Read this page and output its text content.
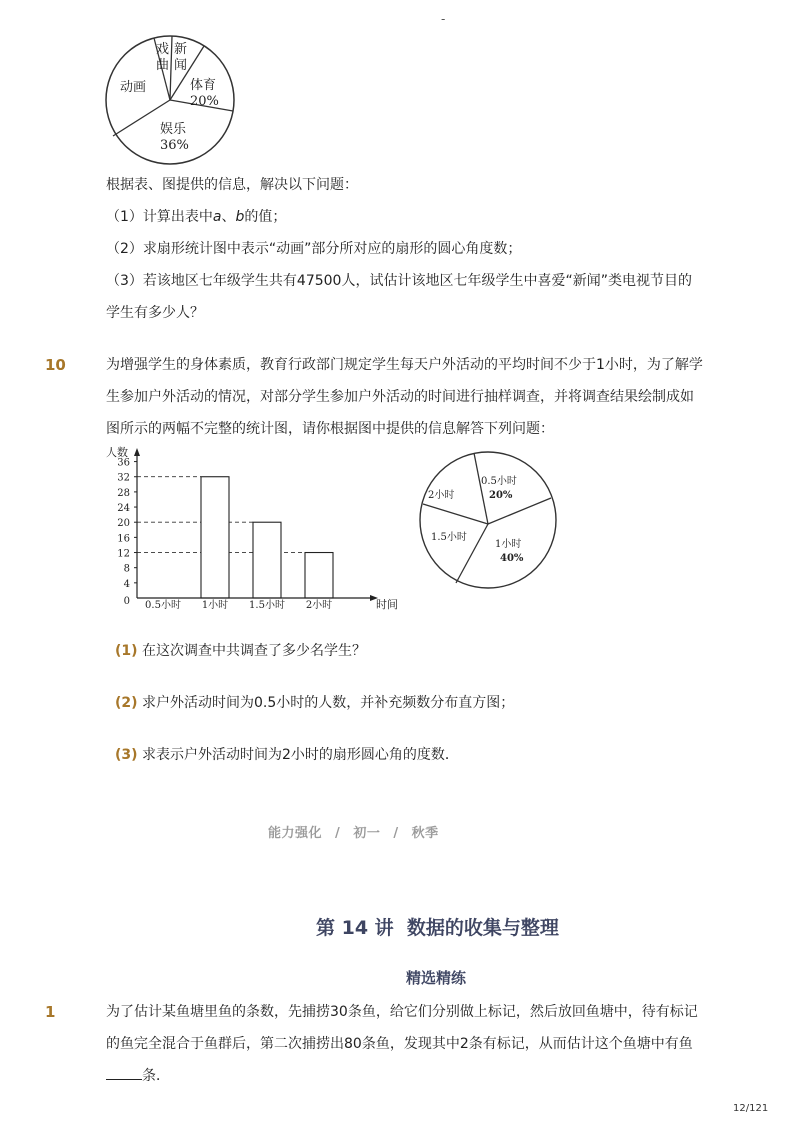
-
戏
曲
新
闻
体育
20%
动画
娱乐
36%
根据表、图提供的信息，解决以下问题：
（1）计算出表中a、b的值；
（2）求扇形统计图中表示“动画”部分所对应的扇形的圆心角度数；
（3）若该地区七年级学生共有47500人，试估计该地区七年级学生中喜爱“新闻”类电视节目的
学生有多少人？
10	为增强学生的身体素质，教育行政部门规定学生每天户外活动的平均时间不少于1小时，为了解学
生参加户外活动的情况，对部分学生参加户外活动的时间进行抽样调查，并将调查结果绘制成如
图所示的两幅不完整的统计图，请你根据图中提供的信息解答下列问题：
人数
时间
0
4
8
12
16
20
24
28
32
36
0.5小时 1小时 1.5小时 2小时
0.5小时
20%
1小时
40%
1.5小时
2小时
(1) 在这次调查中共调查了多少名学生？
(2) 求户外活动时间为0.5小时的人数，并补充频数分布直方图；
(3) 求表示户外活动时间为2小时的扇形圆心角的度数．
能力强化 / 初一 / 秋季
第 14 讲  数据的收集与整理
精选精练
1	为了估计某鱼塘里鱼的条数，先捕捞30条鱼，给它们分别做上标记，然后放回鱼塘中，待有标记
的鱼完全混合于鱼群后，第二次捕捞出80条鱼，发现其中2条有标记，从而估计这个鱼塘中有鱼
条．
12/121
